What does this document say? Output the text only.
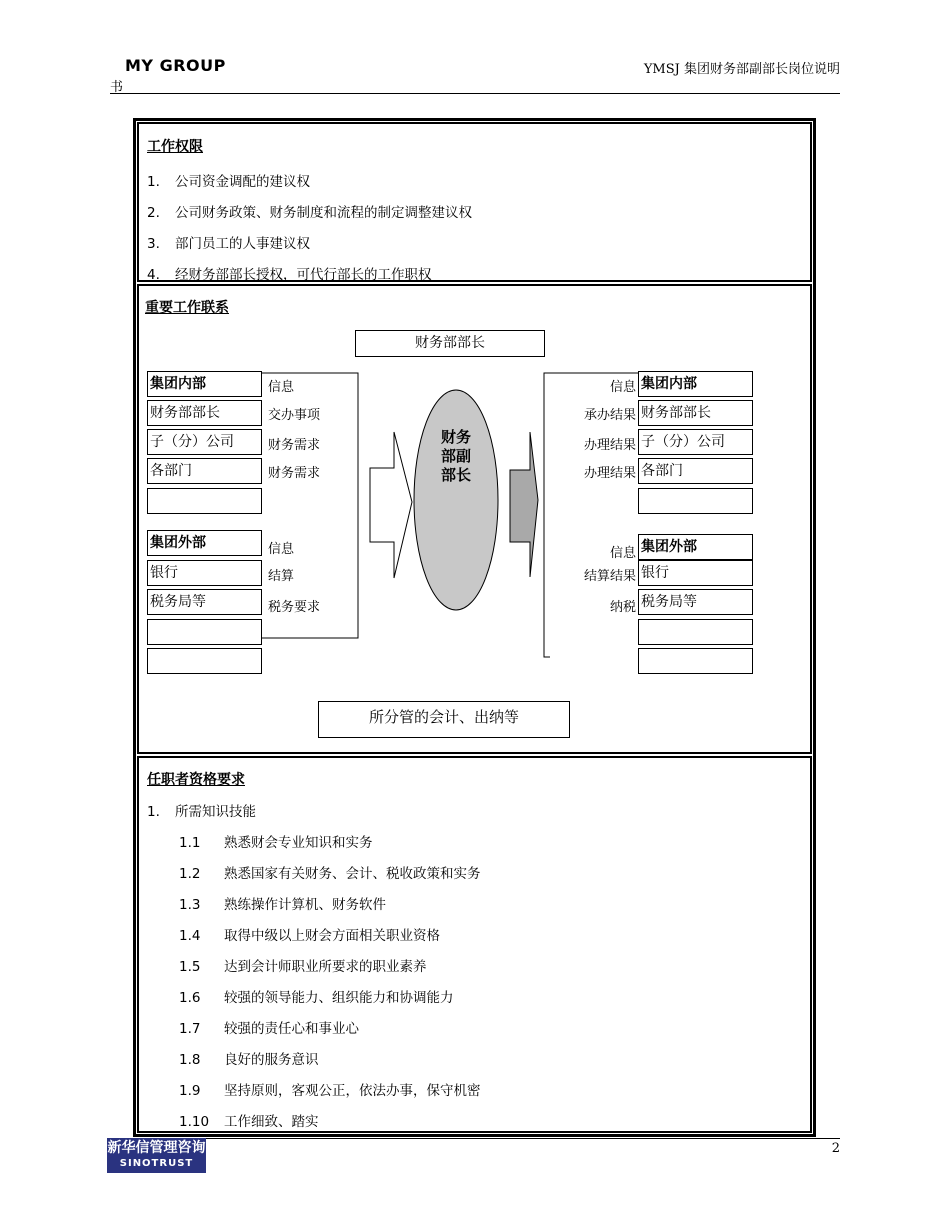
MY GROUP
书
YMSJ 集团财务部副部长岗位说明
工作权限
1. 公司资金调配的建议权
2. 公司财务政策、财务制度和流程的制定调整建议权
3. 部门员工的人事建议权
4. 经财务部部长授权，可代行部长的工作职权
重要工作联系
财务部部长
集团内部
财务部部长
子（分）公司
各部门
信息
交办事项
财务需求
财务需求
集团外部
银行
税务局等
信息
结算
税务要求
集团内部
财务部部长
子（分）公司
各部门
信息
承办结果
办理结果
办理结果
集团外部
银行
税务局等
信息
结算结果
纳税
财务部副部长
所分管的会计、出纳等
任职者资格要求
1. 所需知识技能
1.1 熟悉财会专业知识和实务
1.2 熟悉国家有关财务、会计、税收政策和实务
1.3 熟练操作计算机、财务软件
1.4 取得中级以上财会方面相关职业资格
1.5 达到会计师职业所要求的职业素养
1.6 较强的领导能力、组织能力和协调能力
1.7 较强的责任心和事业心
1.8 良好的服务意识
1.9 坚持原则，客观公正，依法办事，保守机密
1.10 工作细致、踏实
新华信管理咨询
SINOTRUST
2
